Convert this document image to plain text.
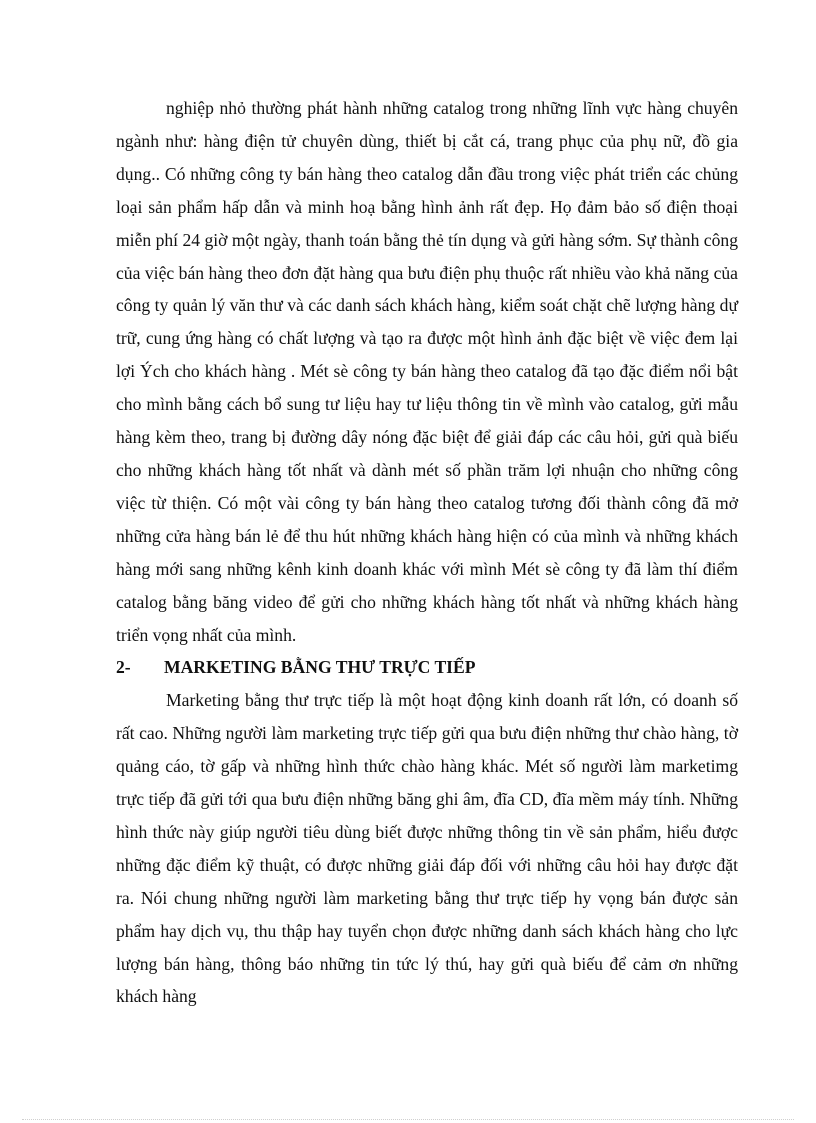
nghiệp nhỏ thường phát hành những catalog trong những lĩnh vực hàng chuyên ngành như: hàng điện tử chuyên dùng, thiết bị cắt cá, trang phục của phụ nữ, đồ gia dụng.. Có những công ty bán hàng theo catalog dẫn đầu trong việc phát triển các chủng loại sản phẩm hấp dẫn và minh hoạ bằng hình ảnh rất đẹp. Họ đảm bảo số điện thoại miễn phí 24 giờ một ngày, thanh toán bằng thẻ tín dụng và gửi hàng sớm. Sự thành công của việc bán hàng theo đơn đặt hàng qua bưu điện phụ thuộc rất nhiều vào khả năng của công ty quản lý văn thư và các danh sách khách hàng, kiểm soát chặt chẽ lượng hàng dự trữ, cung ứng hàng có chất lượng và tạo ra được một hình ảnh đặc biệt về việc đem lại lợi Ých cho khách hàng . Mét sè công ty bán hàng theo catalog đã tạo đặc điểm nổi bật cho mình bằng cách bổ sung tư liệu hay tư liệu thông tin về mình vào catalog, gửi mẫu hàng kèm theo, trang bị đường dây nóng đặc biệt để giải đáp các câu hỏi, gửi quà biếu cho những khách hàng tốt nhất và dành mét số phần trăm lợi nhuận cho những công việc từ thiện. Có một vài công ty bán hàng theo catalog tương đối thành công đã mở những cửa hàng bán lẻ để thu hút những khách hàng hiện có của mình và những khách hàng mới sang những kênh kinh doanh khác với mình Mét sè công ty đã làm thí điểm catalog bằng băng video để gửi cho những khách hàng tốt nhất và những khách hàng triển vọng nhất của mình.

2-	MARKETING BẰNG THƯ TRỰC TIẾP

Marketing bằng thư trực tiếp là một hoạt động kinh doanh rất lớn, có doanh số rất cao. Những người làm marketing trực tiếp gửi qua bưu điện những thư chào hàng, tờ quảng cáo, tờ gấp và những hình thức chào hàng khác. Mét số người làm marketimg trực tiếp đã gửi tới qua bưu điện những băng ghi âm, đĩa CD, đĩa mềm máy tính. Những hình thức này giúp người tiêu dùng biết được những thông tin về sản phẩm, hiểu được những đặc điểm kỹ thuật, có được những giải đáp đối với những câu hỏi hay được đặt ra. Nói chung những người làm marketing bằng thư trực tiếp hy vọng bán được sản phẩm hay dịch vụ, thu thập hay tuyển chọn được những danh sách khách hàng cho lực lượng bán hàng, thông báo những tin tức lý thú, hay gửi quà biếu để cảm ơn những khách hàng
